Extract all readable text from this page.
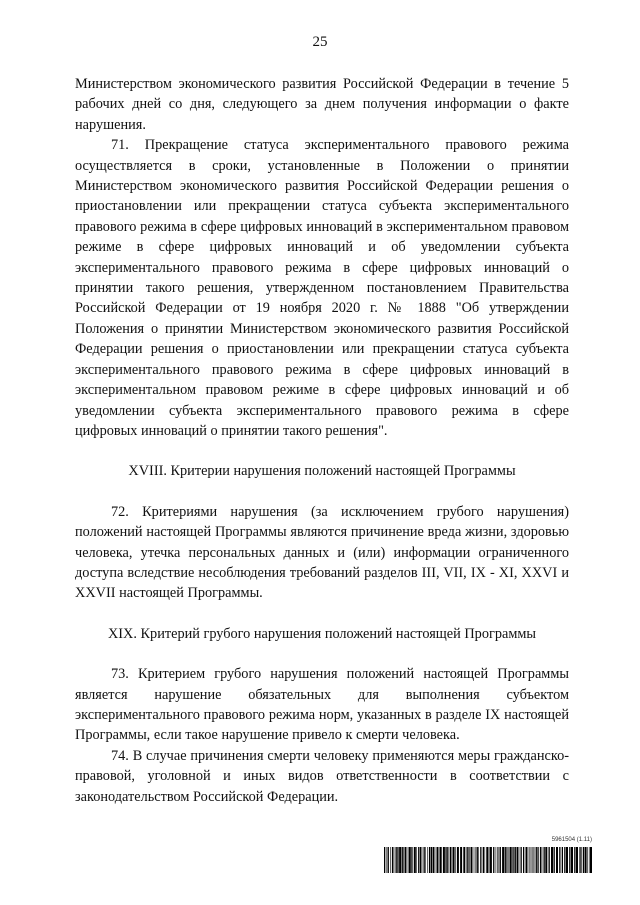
25

Министерством экономического развития Российской Федерации в течение 5 рабочих дней со дня, следующего за днем получения информации о факте нарушения.

71. Прекращение статуса экспериментального правового режима осуществляется в сроки, установленные в Положении о принятии Министерством экономического развития Российской Федерации решения о приостановлении или прекращении статуса субъекта экспериментального правового режима в сфере цифровых инноваций в экспериментальном правовом режиме в сфере цифровых инноваций и об уведомлении субъекта экспериментального правового режима в сфере цифровых инноваций о принятии такого решения, утвержденном постановлением Правительства Российской Федерации от 19 ноября 2020 г. № 1888 "Об утверждении Положения о принятии Министерством экономического развития Российской Федерации решения о приостановлении или прекращении статуса субъекта экспериментального правового режима в сфере цифровых инноваций в экспериментальном правовом режиме в сфере цифровых инноваций и об уведомлении субъекта экспериментального правового режима в сфере цифровых инноваций о принятии такого решения".

XVIII. Критерии нарушения положений настоящей Программы

72. Критериями нарушения (за исключением грубого нарушения) положений настоящей Программы являются причинение вреда жизни, здоровью человека, утечка персональных данных и (или) информации ограниченного доступа вследствие несоблюдения требований разделов III, VII, IX - XI, XXVI и XXVII настоящей Программы.

XIX. Критерий грубого нарушения положений настоящей Программы

73. Критерием грубого нарушения положений настоящей Программы является нарушение обязательных для выполнения субъектом экспериментального правового режима норм, указанных в разделе IX настоящей Программы, если такое нарушение привело к смерти человека.

74. В случае причинения смерти человеку применяются меры гражданско-правовой, уголовной и иных видов ответственности в соответствии с законодательством Российской Федерации.

5961504 (1.11)
